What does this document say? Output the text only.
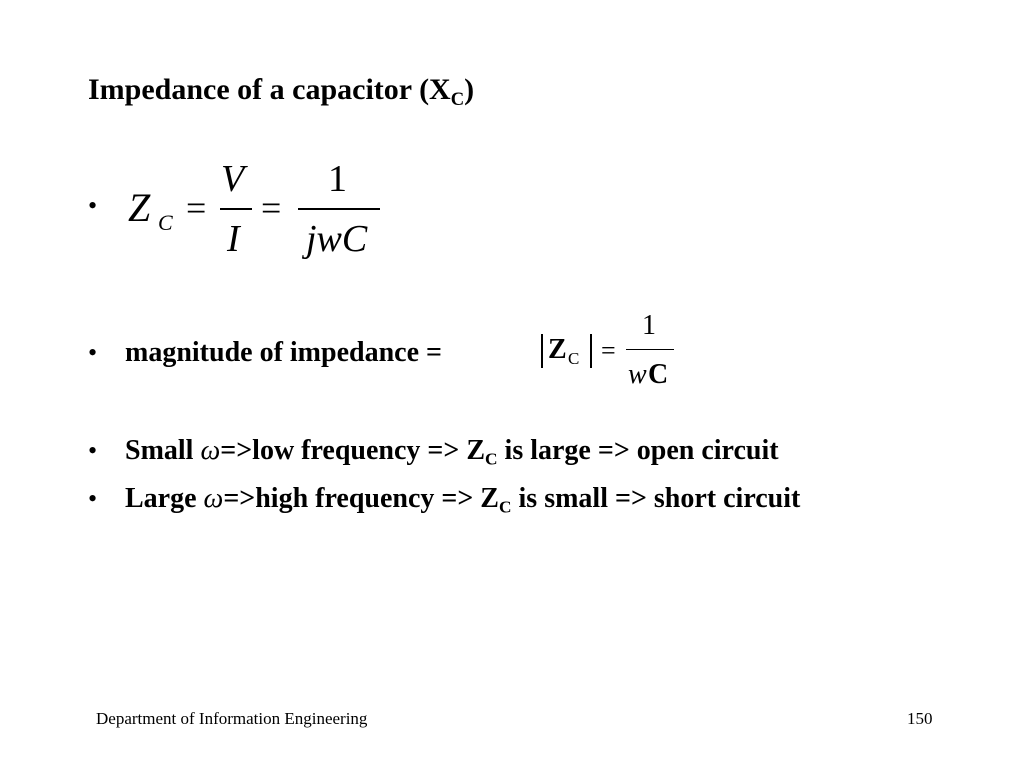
Impedance of a capacitor $(X_C)$
• Z C =
V
I
=
1
jwC
• magnitude of impedance =	Z C =
1
w C
• Small ω=>low frequency => $Z_C$ is large => open circuit
• Large ω=>high frequency => $Z_C$ is small => short circuit
Department of Information Engineering	150
